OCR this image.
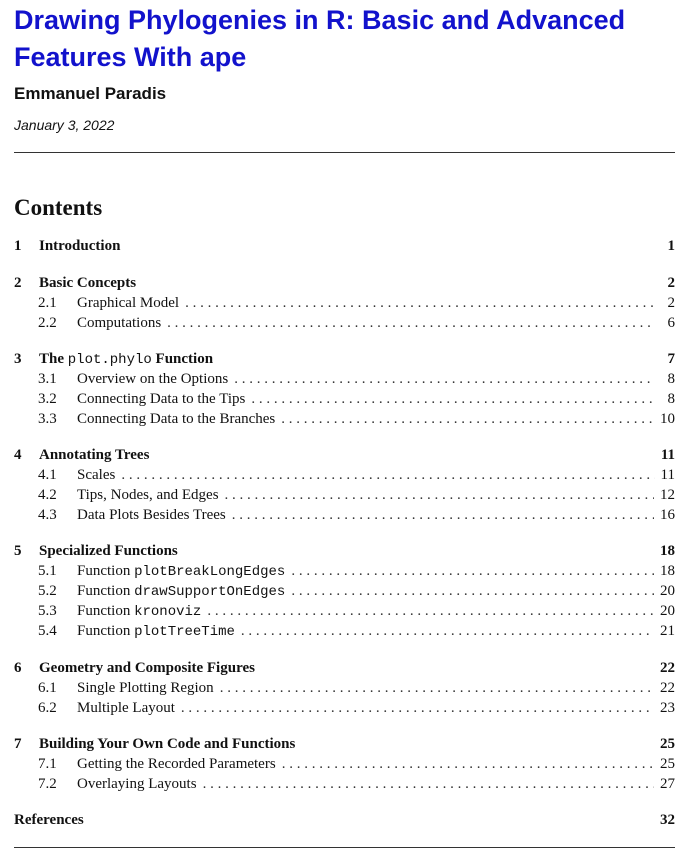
Drawing Phylogenies in R: Basic and Advanced Features With ape

Emmanuel Paradis

January 3, 2022

Contents
1	Introduction	1
2	Basic Concepts	2
2.1	Graphical Model . . .	2
2.2	Computations . . .	6
3	The plot.phylo Function	7
3.1	Overview on the Options . . .	8
3.2	Connecting Data to the Tips . . .	8
3.3	Connecting Data to the Branches . . .	10
4	Annotating Trees	11
4.1	Scales . . .	11
4.2	Tips, Nodes, and Edges . . .	12
4.3	Data Plots Besides Trees . . .	16
5	Specialized Functions	18
5.1	Function plotBreakLongEdges . . .	18
5.2	Function drawSupportOnEdges . . .	20
5.3	Function kronoviz . . .	20
5.4	Function plotTreeTime . . .	21
6	Geometry and Composite Figures	22
6.1	Single Plotting Region . . .	22
6.2	Multiple Layout . . .	23
7	Building Your Own Code and Functions	25
7.1	Getting the Recorded Parameters . . .	25
7.2	Overlaying Layouts . . .	27
References	32
